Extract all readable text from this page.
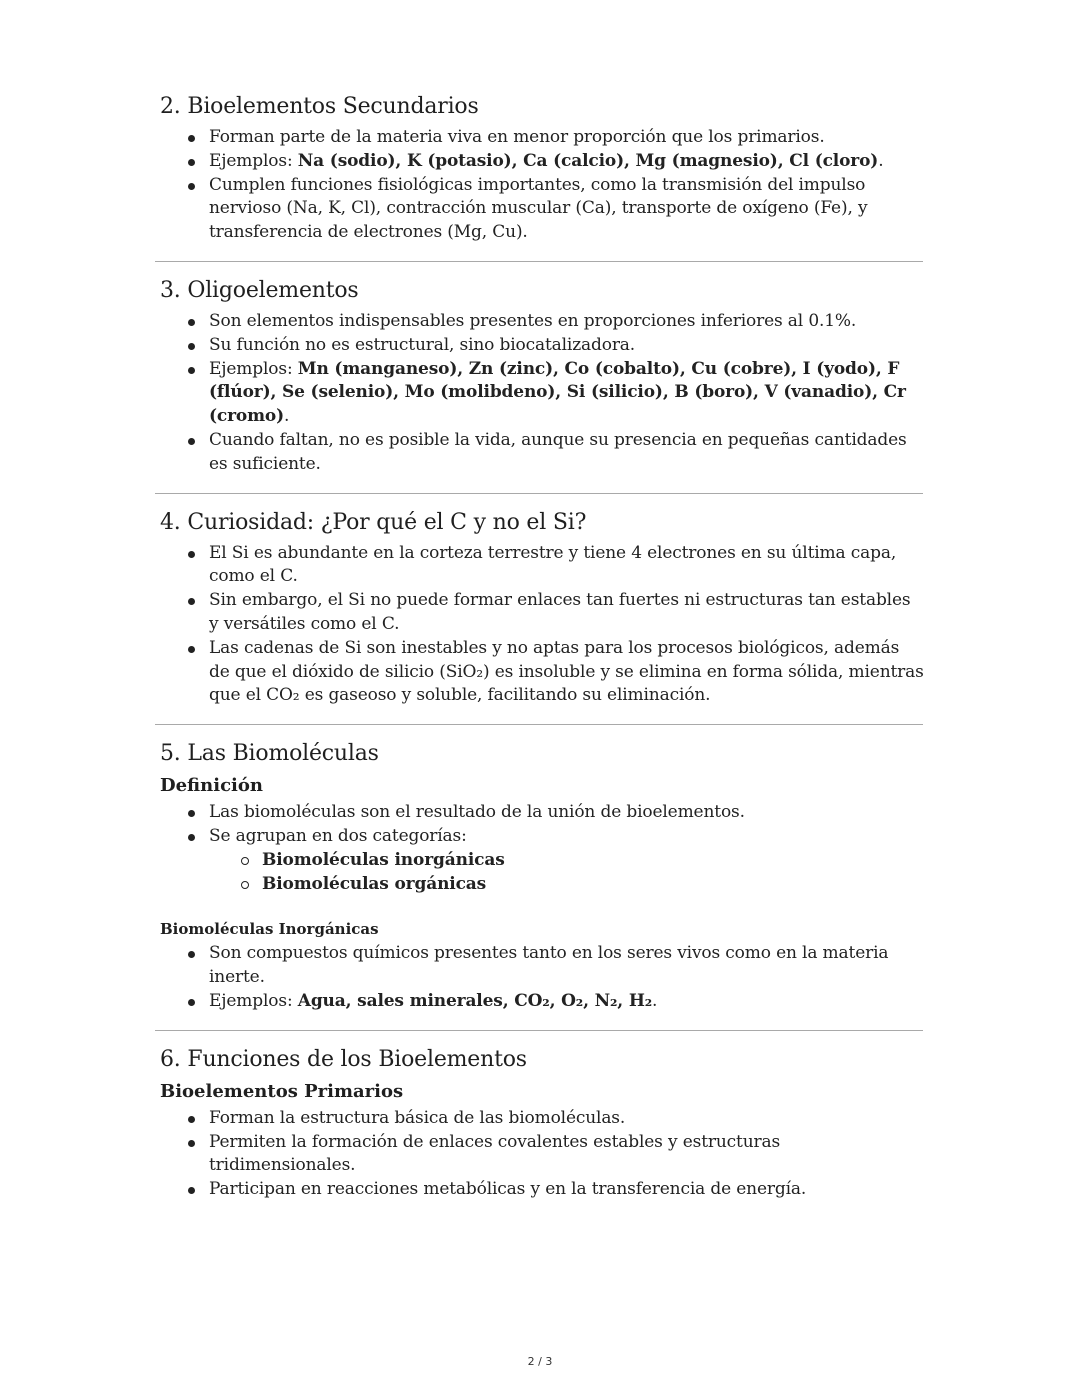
2. Bioelementos Secundarios
Forman parte de la materia viva en menor proporción que los primarios.
Ejemplos: Na (sodio), K (potasio), Ca (calcio), Mg (magnesio), Cl (cloro).
Cumplen funciones fisiológicas importantes, como la transmisión del impulso nervioso (Na, K, Cl), contracción muscular (Ca), transporte de oxígeno (Fe), y transferencia de electrones (Mg, Cu).
3. Oligoelementos
Son elementos indispensables presentes en proporciones inferiores al 0.1%.
Su función no es estructural, sino biocatalizadora.
Ejemplos: Mn (manganeso), Zn (zinc), Co (cobalto), Cu (cobre), I (yodo), F (flúor), Se (selenio), Mo (molibdeno), Si (silicio), B (boro), V (vanadio), Cr (cromo).
Cuando faltan, no es posible la vida, aunque su presencia en pequeñas cantidades es suficiente.
4. Curiosidad: ¿Por qué el C y no el Si?
El Si es abundante en la corteza terrestre y tiene 4 electrones en su última capa, como el C.
Sin embargo, el Si no puede formar enlaces tan fuertes ni estructuras tan estables y versátiles como el C.
Las cadenas de Si son inestables y no aptas para los procesos biológicos, además de que el dióxido de silicio (SiO₂) es insoluble y se elimina en forma sólida, mientras que el CO₂ es gaseoso y soluble, facilitando su eliminación.
5. Las Biomoléculas
Definición
Las biomoléculas son el resultado de la unión de bioelementos.
Se agrupan en dos categorías:
Biomoléculas inorgánicas
Biomoléculas orgánicas
Biomoléculas Inorgánicas
Son compuestos químicos presentes tanto en los seres vivos como en la materia inerte.
Ejemplos: Agua, sales minerales, CO₂, O₂, N₂, H₂.
6. Funciones de los Bioelementos
Bioelementos Primarios
Forman la estructura básica de las biomoléculas.
Permiten la formación de enlaces covalentes estables y estructuras tridimensionales.
Participan en reacciones metabólicas y en la transferencia de energía.
2 / 3
